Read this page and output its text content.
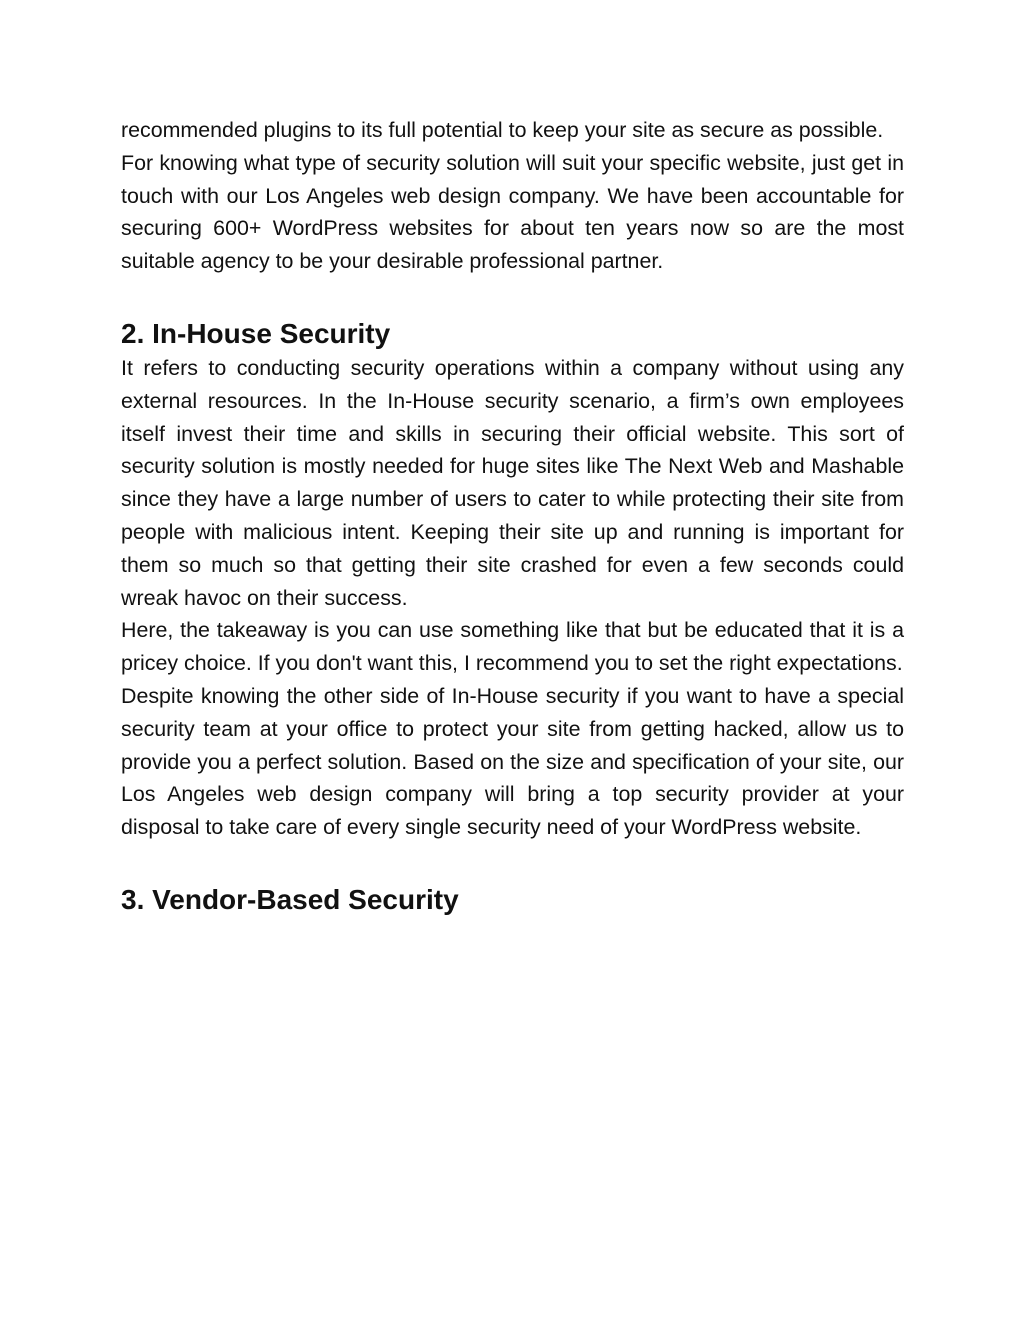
recommended plugins to its full potential to keep your site as secure as possible.

For knowing what type of security solution will suit your specific website, just get in touch with our Los Angeles web design company. We have been accountable for securing 600+ WordPress websites for about ten years now so are the most suitable agency to be your desirable professional partner.

2. In-House Security

It refers to conducting security operations within a company without using any external resources. In the In-House security scenario, a firm’s own employees itself invest their time and skills in securing their official website. This sort of security solution is mostly needed for huge sites like The Next Web and Mashable since they have a large number of users to cater to while protecting their site from people with malicious intent. Keeping their site up and running is important for them so much so that getting their site crashed for even a few seconds could wreak havoc on their success.

Here, the takeaway is you can use something like that but be educated that it is a pricey choice. If you don't want this, I recommend you to set the right expectations.

Despite knowing the other side of In-House security if you want to have a special security team at your office to protect your site from getting hacked, allow us to provide you a perfect solution. Based on the size and specification of your site, our Los Angeles web design company will bring a top security provider at your disposal to take care of every single security need of your WordPress website.

3. Vendor-Based Security
